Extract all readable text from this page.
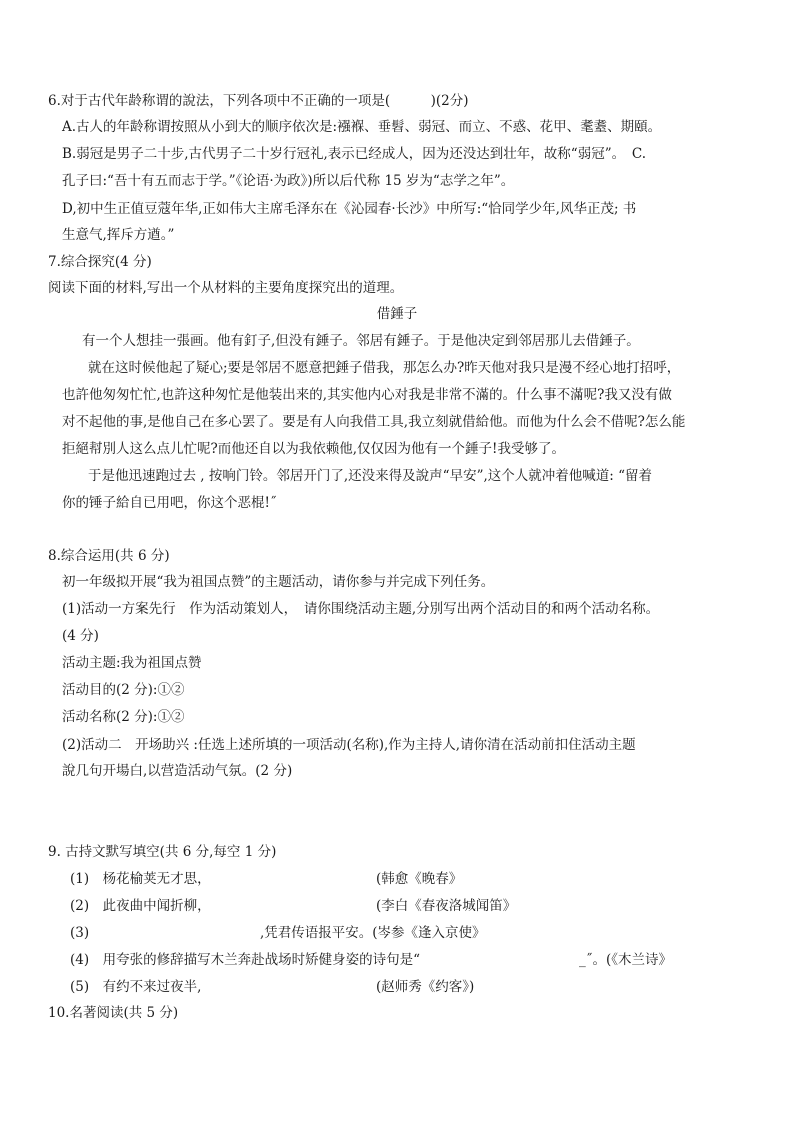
6.对于古代年龄称谓的說法，下列各项中不正确的一项是(　　　)(2分)
A.古人的年龄称谓按照从小到大的顺序依次是:襁褓、垂髫、弱冠、而立、不惑、花甲、耄耋、期頤。
B.弱冠是男子二十步,古代男子二十岁行冠礼,表示已经成人，因为还没达到壮年，故称“弱冠”。　C.
孔子曰:“吾十有五而志于学。”《论语·为政》)所以后代称 15 岁为“志学之年”。
D,初中生正值豆蔻年华,正如伟大主席毛泽东在《沁园春·长沙》中所写:“恰同学少年,风华正茂; 书
生意气,挥斥方遒。”
7.综合探究(4 分)
阅读下面的材料,写出一个从材料的主要角度探究出的道理。
借錘子
有一个人想挂一張画。他有釘子,但没有錘子。邻居有錘子。于是他决定到邻居那儿去借錘子。
就在这时候他起了疑心;要是邻居不愿意把錘子借我，那怎么办?昨天他对我只是漫不经心地打招呼，
也許他匆匆忙忙,也許这种匆忙是他装出来的,其实他内心对我是非常不滿的。什么事不滿呢?我又没有做
对不起他的事,是他自己在多心罢了。要是有人向我借工具,我立刻就借給他。而他为什么会不借呢?怎么能
拒絕幇別人这么点儿忙呢?而他还自以为我依赖他,仅仅因为他有一个錘子!我受够了。
于是他迅速跑过去 , 按响门铃。邻居开门了,还没来得及說声“早安”,这个人就冲着他喊道: “留着
你的锤子給自已用吧，你这个恶棍!˝
8.综合运用(共 6 分)
初一年级拟开展“我为祖国点赞”的主题活动，请你参与并完成下列任务。
(1)活动一方案先行　作为活动策划人，　请你围绕活动主题,分別写出两个活动目的和两个活动名称。
(4 分)
活动主题:我为祖国点赞
活动目的(2 分):①②
活动名称(2 分):①②
(2)活动二　开场助兴 :任选上述所填的一项活动(名称),作为主持人,请你清在活动前扣住活动主题
說几句开場白,以营造活动气氛。(2 分)
9. 古持文默写填空(共 6 分,每空 1 分)
(1)　杨花榆荚无才思，	(韩愈《晚春》
(2)　此夜曲中闻折柳，	(李白《春夜洛城闻笛》
(3)	,凭君传语报平安。(岑参《逢入京使》
(4)　用夸张的修辞描写木兰奔赴战场时矫健身姿的诗句是“	_˝。(《木兰诗》
(5)　有约不来过夜半,	(赵师秀《约客》)
10.名著阅读(共 5 分)
